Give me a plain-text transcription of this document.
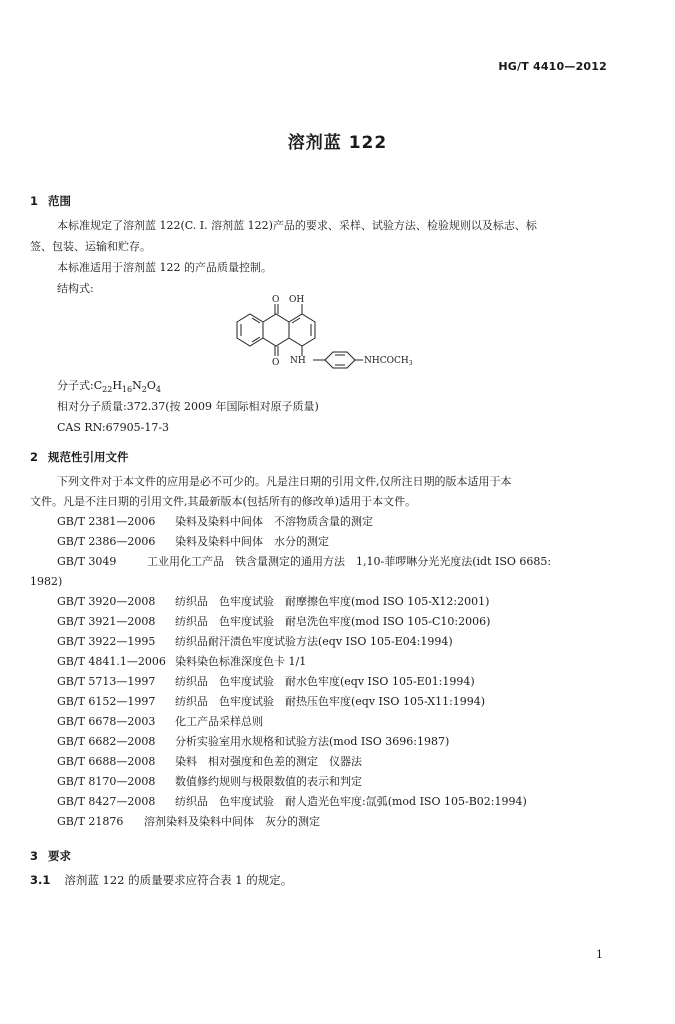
HG/T 4410—2012
溶剂蓝 122
1 范围
本标准规定了溶剂蓝 122(C. I. 溶剂蓝 122)产品的要求、采样、试验方法、检验规则以及标志、标
签、包装、运输和贮存。
本标准适用于溶剂蓝 122 的产品质量控制。
结构式:
O OH
O NH	$NHCOCH_3$
分子式$:C_{22}H_{16}N_2O_4$
相对分子质量:372.37(按 2009 年国际相对原子质量)
CAS RN:67905-17-3
2 规范性引用文件
下列文件对于本文件的应用是必不可少的。凡是注日期的引用文件,仅所注日期的版本适用于本
文件。凡是不注日期的引用文件,其最新版本(包括所有的修改单)适用于本文件。
GB/T 2381—2006 染料及染料中间体　不溶物质含量的测定
GB/T 2386—2006 染料及染料中间体　水分的测定
GB/T 3049	工业用化工产品　铁含量测定的通用方法　1,10-菲啰啉分光光度法(idt ISO 6685:
1982)
GB/T 3920—2008 纺织品　色牢度试验　耐摩擦色牢度(mod ISO 105-X12:2001)
GB/T 3921—2008 纺织品　色牢度试验　耐皂洗色牢度(mod ISO 105-C10:2006)
GB/T 3922—1995 纺织品耐汗渍色牢度试验方法(eqv ISO 105-E04:1994)
GB/T 4841.1—2006 染料染色标准深度色卡 1/1
GB/T 5713—1997 纺织品　色牢度试验　耐水色牢度(eqv ISO 105-E01:1994)
GB/T 6152—1997 纺织品　色牢度试验　耐热压色牢度(eqv ISO 105-X11:1994)
GB/T 6678—2003 化工产品采样总则
GB/T 6682—2008 分析实验室用水规格和试验方法(mod ISO 3696:1987)
GB/T 6688—2008 染料　相对强度和色差的测定　仪器法
GB/T 8170—2008 数值修约规则与极限数值的表示和判定
GB/T 8427—2008 纺织品　色牢度试验　耐人造光色牢度:氙弧(mod ISO 105-B02:1994)
GB/T 21876 溶剂染料及染料中间体　灰分的测定
3 要求
3.1 溶剂蓝 122 的质量要求应符合表 1 的规定。
1
